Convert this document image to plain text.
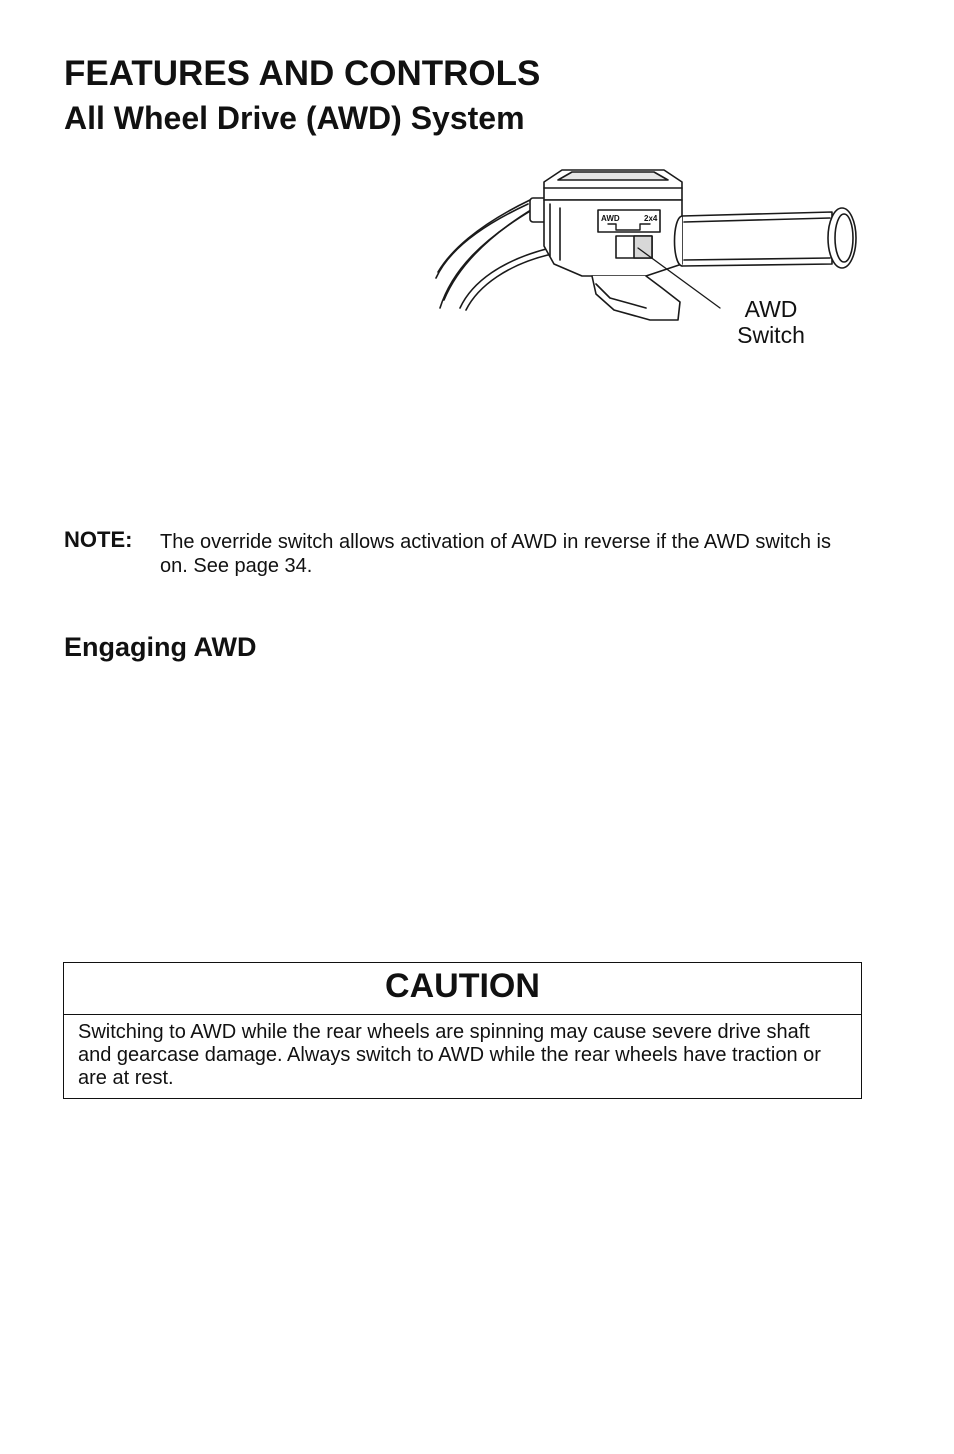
FEATURES AND CONTROLS
All Wheel Drive (AWD) System
AWD	2x4
AWD
Switch
NOTE: The override switch allows activation of AWD in reverse if the AWD switch is on. See page 34.
Engaging AWD
CAUTION
Switching to AWD while the rear wheels are spinning may cause severe drive shaft and gearcase damage. Always switch to AWD while the rear wheels have traction or are at rest.
